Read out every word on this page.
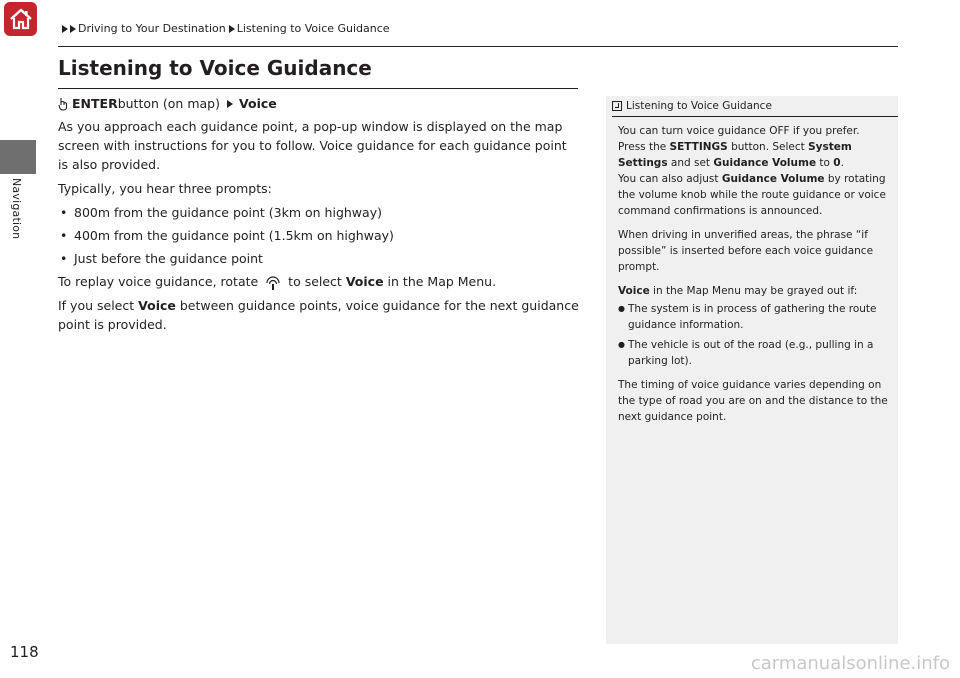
Navigation
118
Driving to Your Destination Listening to Voice Guidance
Listening to Voice Guidance
ENTER button (on map) Voice

As you approach each guidance point, a pop-up window is displayed on the map screen with instructions for you to follow. Voice guidance for each guidance point is also provided.

Typically, you hear three prompts:

• 800m from the guidance point (3km on highway)
• 400m from the guidance point (1.5km on highway)
• Just before the guidance point

To replay voice guidance, rotate  to select Voice in the Map Menu.

If you select Voice between guidance points, voice guidance for the next guidance point is provided.

Listening to Voice Guidance

You can turn voice guidance OFF if you prefer. Press the SETTINGS button. Select System Settings and set Guidance Volume to 0.

You can also adjust Guidance Volume by rotating the volume knob while the route guidance or voice command confirmations is announced.

When driving in unverified areas, the phrase “if possible” is inserted before each voice guidance prompt.

Voice in the Map Menu may be grayed out if:

● The system is in process of gathering the route guidance information.
● The vehicle is out of the road (e.g., pulling in a parking lot).

The timing of voice guidance varies depending on the type of road you are on and the distance to the next guidance point.

carmanualsonline.info
